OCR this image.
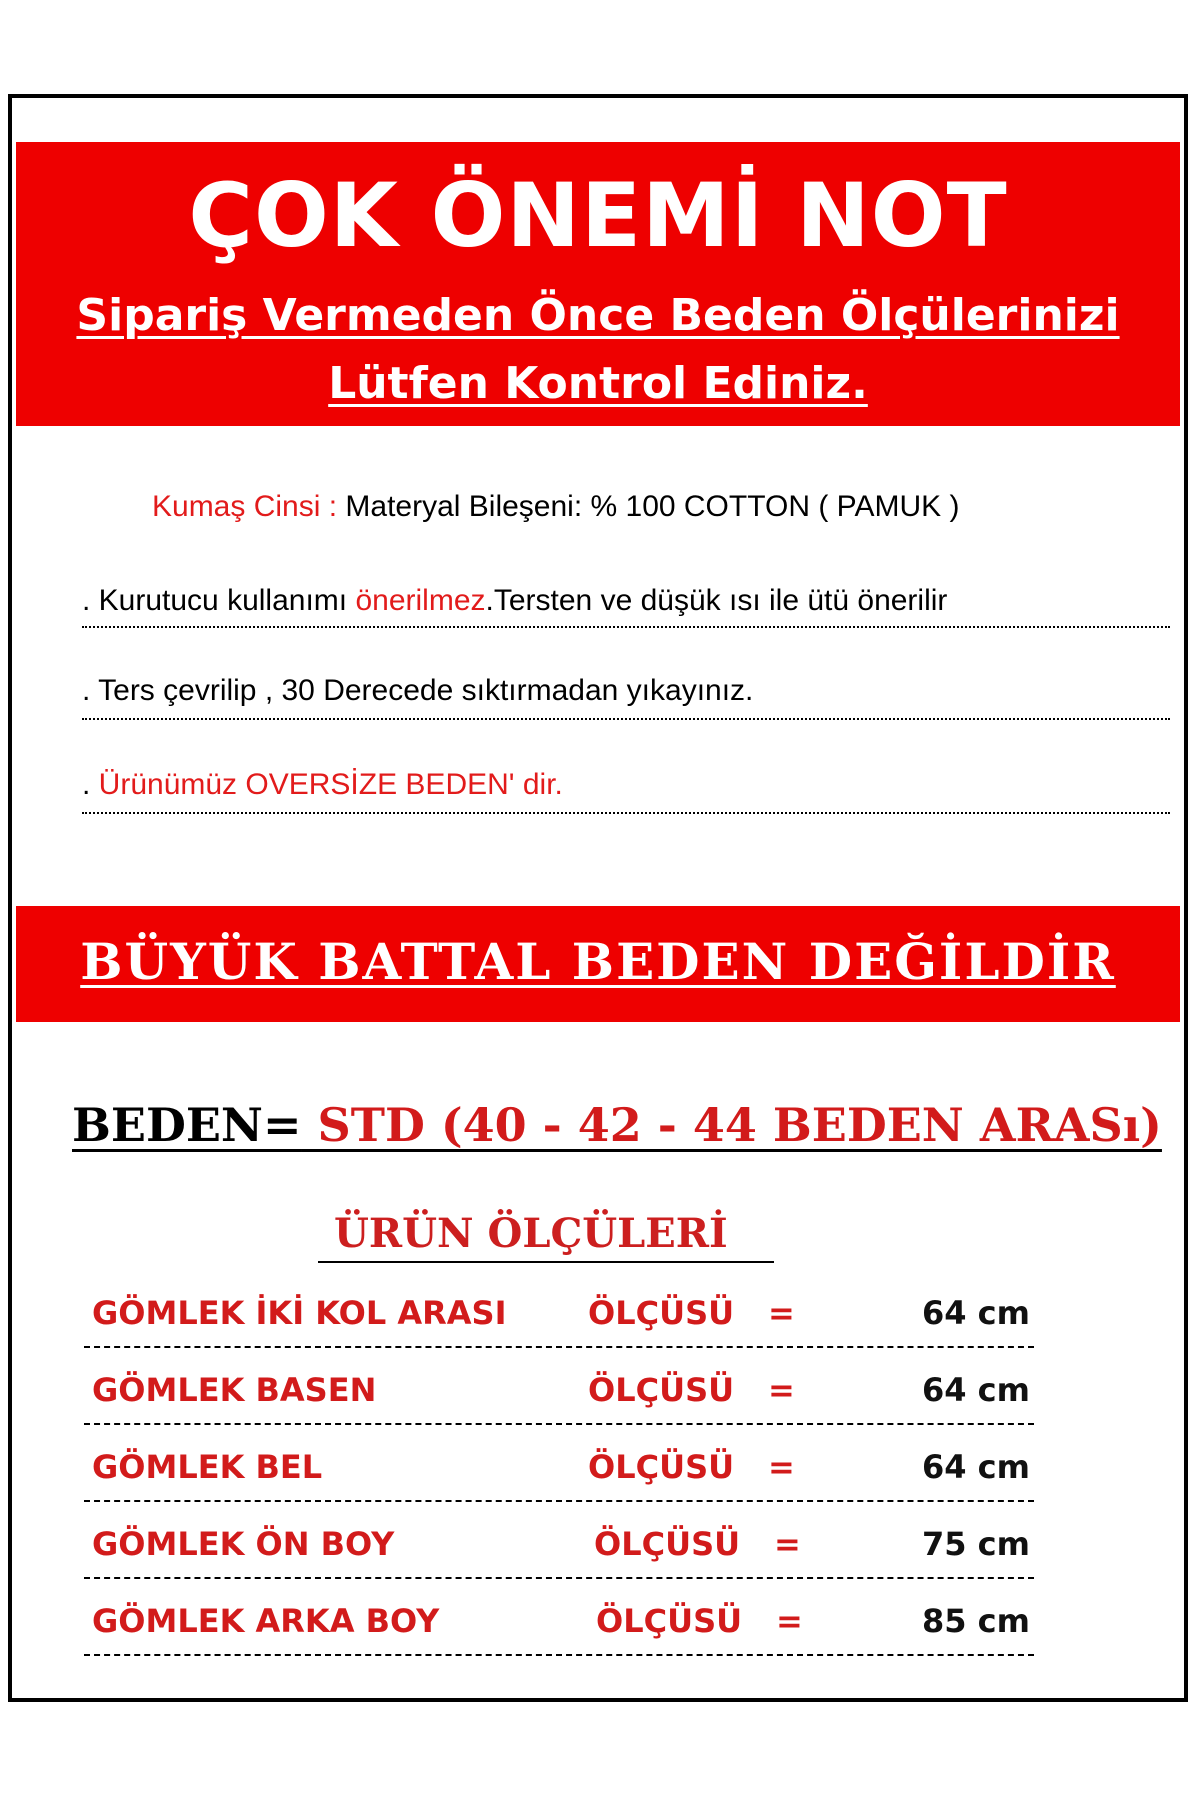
ÇOK ÖNEMİ NOT
Sipariş Vermeden Önce Beden Ölçülerinizi
Lütfen Kontrol Ediniz.
Kumaş Cinsi : Materyal Bileşeni: % 100 COTTON ( PAMUK )
. Kurutucu kullanımı önerilmez.Tersten ve düşük ısı ile ütü önerilir
. Ters çevrilip , 30 Derecede sıktırmadan yıkayınız.
. Ürünümüz OVERSİZE BEDEN' dir.
BÜYÜK BATTAL BEDEN DEĞİLDİR
BEDEN= STD (40 - 42 - 44 BEDEN ARASı)
ÜRÜN ÖLÇÜLERİ
GÖMLEK İKİ KOL ARASI	ÖLÇÜSÜ =	64 cm
GÖMLEK BASEN	ÖLÇÜSÜ =	64 cm
GÖMLEK BEL	ÖLÇÜSÜ =	64 cm
GÖMLEK ÖN BOY	ÖLÇÜSÜ =	75 cm
GÖMLEK ARKA BOY	ÖLÇÜSÜ =	85 cm
